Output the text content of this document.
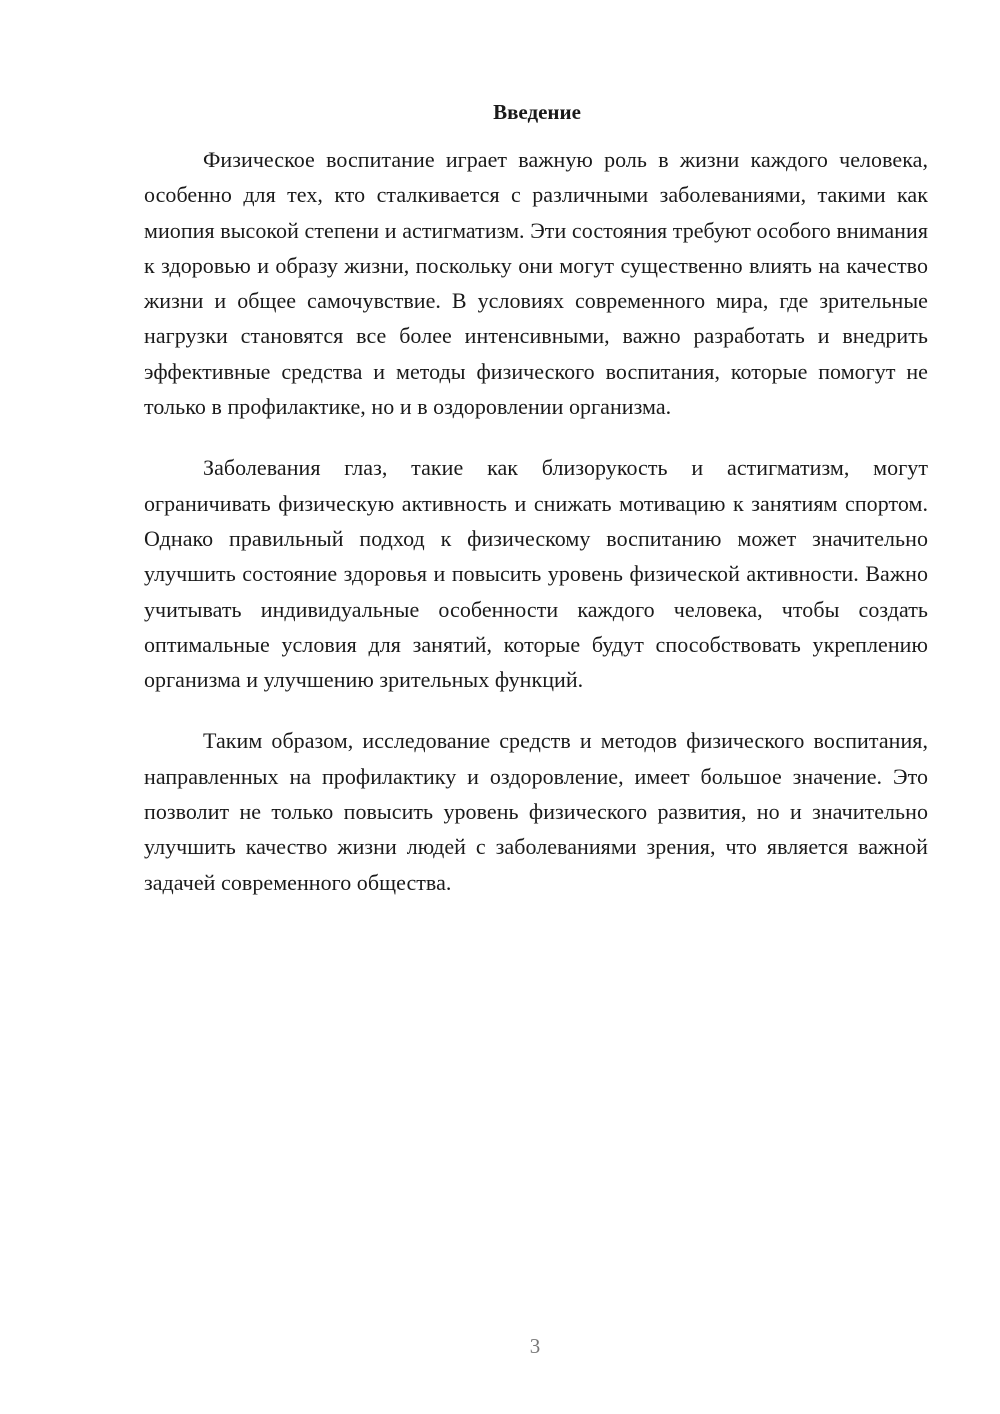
Введение

Физическое воспитание играет важную роль в жизни каждого человека, особенно для тех, кто сталкивается с различными заболеваниями, такими как миопия высокой степени и астигматизм. Эти состояния требуют особого внимания к здоровью и образу жизни, поскольку они могут существенно влиять на качество жизни и общее самочувствие. В условиях современного мира, где зрительные нагрузки становятся все более интенсивными, важно разработать и внедрить эффективные средства и методы физического воспитания, которые помогут не только в профилактике, но и в оздоровлении организма.

Заболевания глаз, такие как близорукость и астигматизм, могут ограничивать физическую активность и снижать мотивацию к занятиям спортом. Однако правильный подход к физическому воспитанию может значительно улучшить состояние здоровья и повысить уровень физической активности. Важно учитывать индивидуальные особенности каждого человека, чтобы создать оптимальные условия для занятий, которые будут способствовать укреплению организма и улучшению зрительных функций.

Таким образом, исследование средств и методов физического воспитания, направленных на профилактику и оздоровление, имеет большое значение. Это позволит не только повысить уровень физического развития, но и значительно улучшить качество жизни людей с заболеваниями зрения, что является важной задачей современного общества.

3
